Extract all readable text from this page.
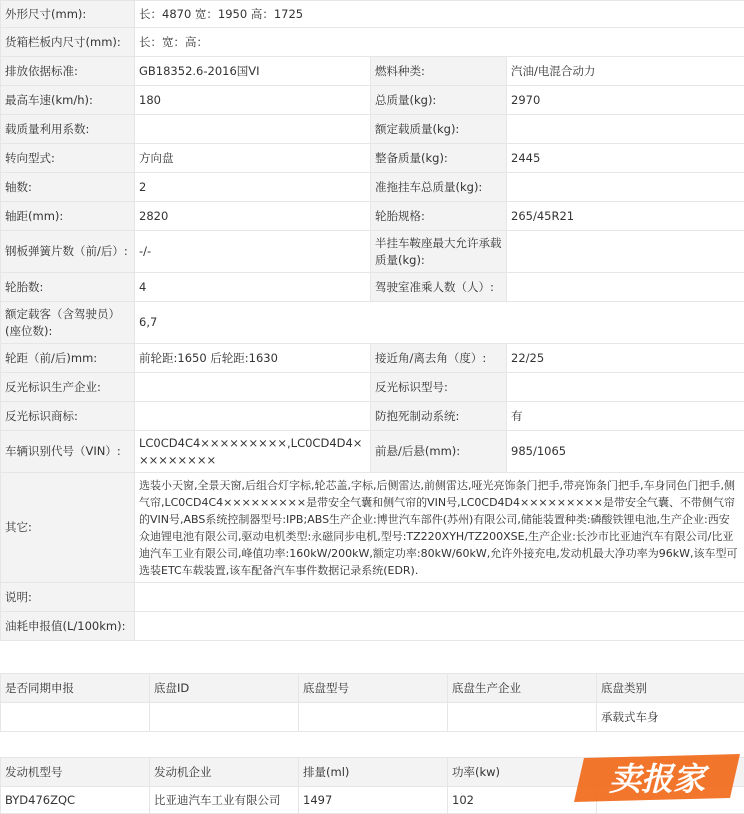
外形尺寸(mm):	长：4870 宽：1950 高：1725		
货箱栏板内尺寸(mm):	长：宽：高：		
排放依据标准:	GB18352.6-2016国VI	燃料种类:	汽油/电混合动力
最高车速(km/h):	180	总质量(kg):	2970
载质量利用系数:		额定载质量(kg):	
转向型式:	方向盘	整备质量(kg):	2445
轴数:	2	准拖挂车总质量(kg):	
轴距(mm):	2820	轮胎规格:	265/45R21
钢板弹簧片数（前/后）:	-/-	半挂车鞍座最大允许承载质量(kg):	
轮胎数:	4	驾驶室准乘人数（人）:	
额定载客（含驾驶员）(座位数):	6,7		
轮距（前/后)mm:	前轮距:1650 后轮距:1630	接近角/离去角（度）:	22/25
反光标识生产企业:		反光标识型号:	
反光标识商标:		防抱死制动系统:	有
车辆识别代号（VIN）:	LC0CD4C4×××××××××,LC0CD4D4×××××××××	前悬/后悬(mm):	985/1065
其它:	选装小天窗,全景天窗,后组合灯字标,轮芯盖,字标,后侧雷达,前侧雷达,哑光亮饰条门把手,带亮饰条门把手,车身同色门把手,侧气帘,LC0CD4C4×××××××××是带安全气囊和侧气帘的VIN号,LC0CD4D4×××××××××是带安全气囊、不带侧气帘的VIN号,ABS系统控制器型号:IPB;ABS生产企业:博世汽车部件(苏州)有限公司,储能装置种类:磷酸铁锂电池,生产企业:西安众迪锂电池有限公司,驱动电机类型:永磁同步电机,型号:TZ220XYH/TZ200XSE,生产企业:长沙市比亚迪汽车有限公司/比亚迪汽车工业有限公司,峰值功率:160kW/200kW,额定功率:80kW/60kW,允许外接充电,发动机最大净功率为96kW,该车型可选装ETC车载装置,该车配备汽车事件数据记录系统(EDR).		
说明:			
油耗申报值(L/100km):			
是否同期申报	底盘ID	底盘型号	底盘生产企业	底盘类别
				承载式车身
发动机型号	发动机企业	排量(ml)	功率(kw)	
BYD476ZQC	比亚迪汽车工业有限公司	1497	102	
卖报家
